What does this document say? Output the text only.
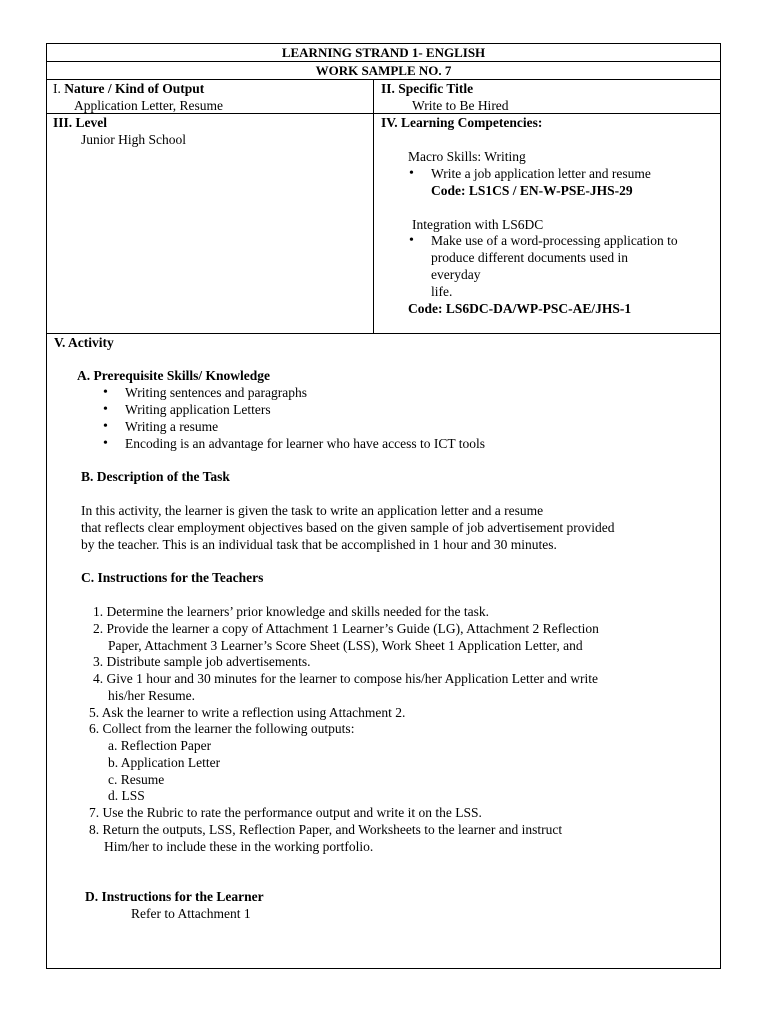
LEARNING STRAND 1- ENGLISH
WORK SAMPLE NO. 7
I. Nature / Kind of Output
Application Letter, Resume
II. Specific Title
Write to Be Hired
III. Level
Junior High School
IV. Learning Competencies:
Macro Skills: Writing
• Write a job application letter and resume
Code: LS1CS / EN-W-PSE-JHS-29
Integration with LS6DC
• Make use of a word-processing application to
produce different documents used in
everyday
life.
Code: LS6DC-DA/WP-PSC-AE/JHS-1
V. Activity
A. Prerequisite Skills/ Knowledge
• Writing sentences and paragraphs
• Writing application Letters
• Writing a resume
• Encoding is an advantage for learner who have access to ICT tools
B. Description of the Task
In this activity, the learner is given the task to write an application letter and a resume
that reflects clear employment objectives based on the given sample of job advertisement provided
by the teacher. This is an individual task that be accomplished in 1 hour and 30 minutes.
C. Instructions for the Teachers
1. Determine the learners’ prior knowledge and skills needed for the task.
2. Provide the learner a copy of Attachment 1 Learner’s Guide (LG), Attachment 2 Reflection
Paper, Attachment 3 Learner’s Score Sheet (LSS), Work Sheet 1 Application Letter, and
3. Distribute sample job advertisements.
4. Give 1 hour and 30 minutes for the learner to compose his/her Application Letter and write
his/her Resume.
5. Ask the learner to write a reflection using Attachment 2.
6. Collect from the learner the following outputs:
a. Reflection Paper
b. Application Letter
c. Resume
d. LSS
7. Use the Rubric to rate the performance output and write it on the LSS.
8. Return the outputs, LSS, Reflection Paper, and Worksheets to the learner and instruct
Him/her to include these in the working portfolio.
D. Instructions for the Learner
Refer to Attachment 1
